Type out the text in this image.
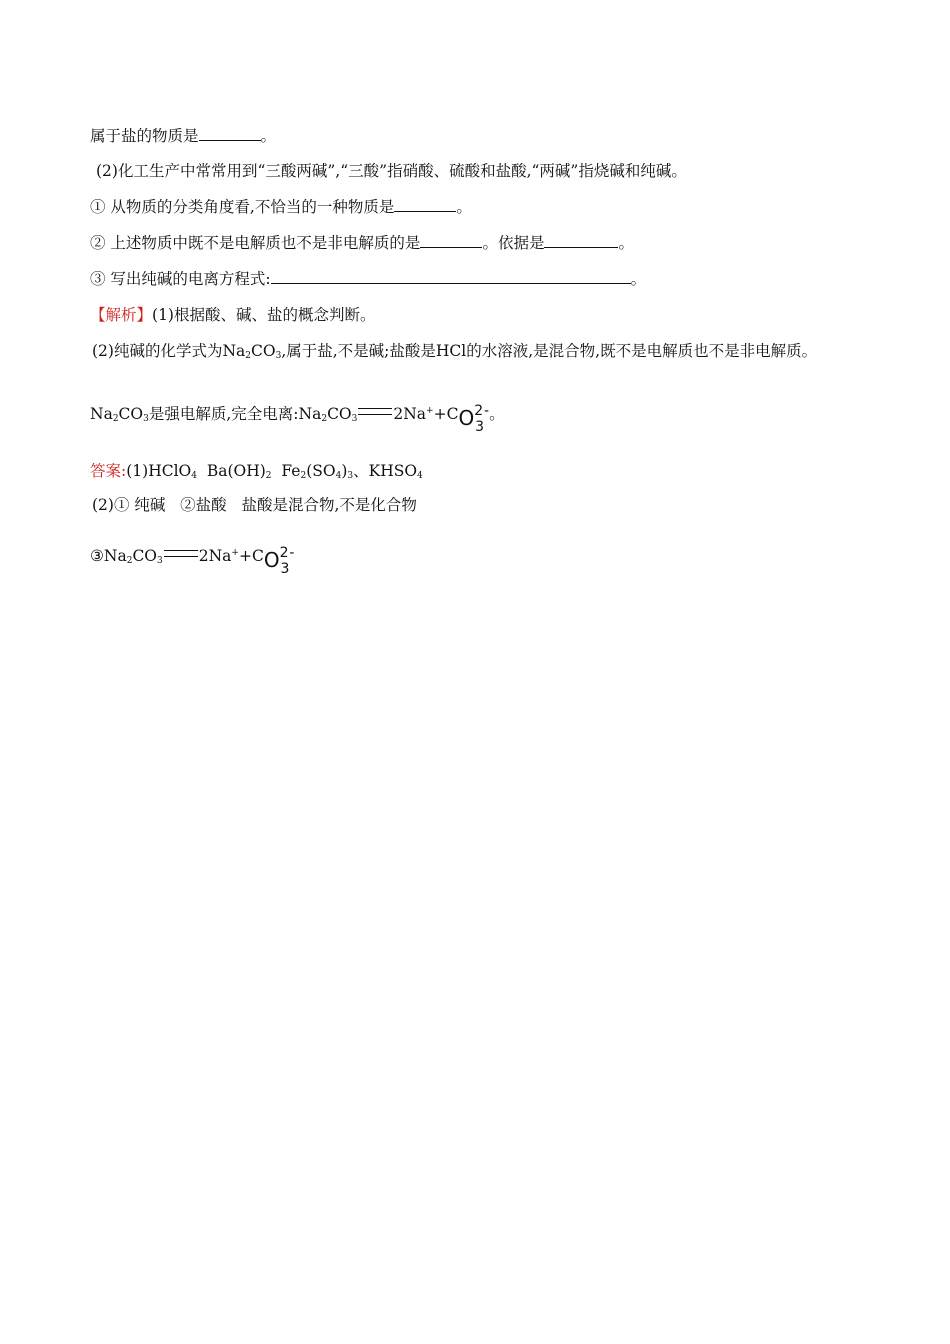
属于盐的物质是	。
(2)化工生产中常常用到“三酸两碱”,“三酸”指硝酸、硫酸和盐酸,“两碱”指烧碱和纯碱。
① 从物质的分类角度看,不恰当的一种物质是	。
② 上述物质中既不是电解质也不是非电解质的是	。依据是	。
③ 写出纯碱的电离方程式:	。
【解析】(1)根据酸、碱、盐的概念判断。
(2)纯碱的化学式为$Na_2CO_3$,属于盐,不是碱;盐酸是HCl的水溶液,是混合物,既不是电解质也不是非电解质。
$Na_2CO_3$是强电解质,完全电离$:Na_2CO_3$ 2Na++CO23-。
答案:(1)HClO$_4$ $Ba(OH)_2$ $Fe_2(SO_4)_3$、$KHSO_4$
(2)① 纯碱   ②盐酸   盐酸是混合物,不是化合物
$③Na_2CO_3$ 2Na++CO23-
